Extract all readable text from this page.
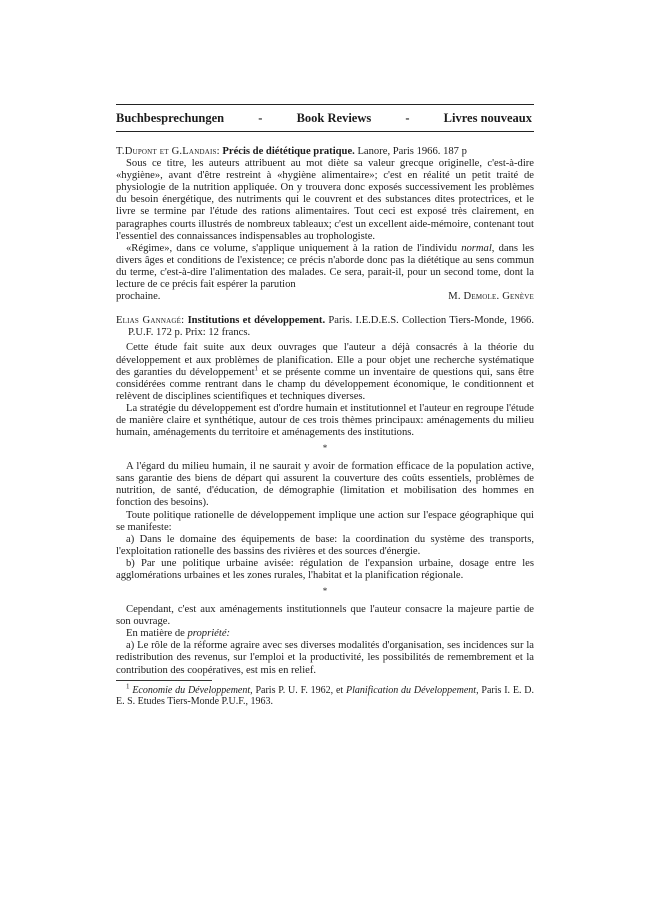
Buchbesprechungen	-	Book Reviews	-	Livres nouveaux

T.Dupont et G.Landais: Précis de diététique pratique. Lanore, Paris 1966. 187 p

Sous ce titre, les auteurs attribuent au mot diète sa valeur grecque originelle, c'est-à-dire «hygiène», avant d'être restreint à «hygiène alimentaire»; c'est en réalité un petit traité de physiologie de la nutrition appliquée. On y trouvera donc exposés successivement les problèmes du besoin énergétique, des nutriments qui le couvrent et des substances dites protectrices, et le livre se termine par l'étude des rations alimentaires. Tout ceci est exposé très clairement, en paragraphes courts illustrés de nombreux tableaux; c'est un excellent aide-mémoire, contenant tout l'essentiel des connaissances indispensables au trophologiste.

«Régime», dans ce volume, s'applique uniquement à la ration de l'individu normal, dans les divers âges et conditions de l'existence; ce précis n'aborde donc pas la diététique au sens commun du terme, c'est-à-dire l'alimentation des malades. Ce sera, parait-il, pour un second tome, dont la lecture de ce précis fait espérer la parution

prochaine.	M. Demole. Genève

Elias Gannagé: Institutions et développement. Paris. I.E.D.E.S. Collection Tiers-Monde, 1966. P.U.F. 172 p. Prix: 12 francs.

Cette étude fait suite aux deux ouvrages que l'auteur a déjà consacrés à la théorie du développement et aux problèmes de planification. Elle a pour objet une recherche systématique des garanties du développement$^1$ et se présente comme un inventaire de questions qui, sans être considérées comme rentrant dans le champ du développement économique, le conditionnent et relèvent de disciplines scientifiques et techniques diverses.

La stratégie du développement est d'ordre humain et institutionnel et l'auteur en regroupe l'étude de manière claire et synthétique, autour de ces trois thèmes principaux: aménagements du milieu humain, aménagements du territoire et aménagements des institutions.

*

A l'égard du milieu humain, il ne saurait y avoir de formation efficace de la population active, sans garantie des biens de départ qui assurent la couverture des coûts essentiels, problèmes de nutrition, de santé, d'éducation, de démographie (limitation et mobilisation des hommes en fonction des besoins).

Toute politique rationelle de développement implique une action sur l'espace géographique qui se manifeste:

a) Dans le domaine des équipements de base: la coordination du système des transports, l'exploitation rationelle des bassins des rivières et des sources d'énergie.

b) Par une politique urbaine avisée: régulation de l'expansion urbaine, dosage entre les agglomérations urbaines et les zones rurales, l'habitat et la planification régionale.

*

Cependant, c'est aux aménagements institutionnels que l'auteur consacre la majeure partie de son ouvrage.

En matière de propriété:

a) Le rôle de la réforme agraire avec ses diverses modalités d'organisation, ses incidences sur la redistribution des revenus, sur l'emploi et la productivité, les possibilités de remembrement et la contribution des coopératives, est mis en relief.

$^1$ Economie du Développement, Paris P. U. F. 1962, et Planification du Développement, Paris I. E. D. E. S. Etudes Tiers-Monde P.U.F., 1963.
